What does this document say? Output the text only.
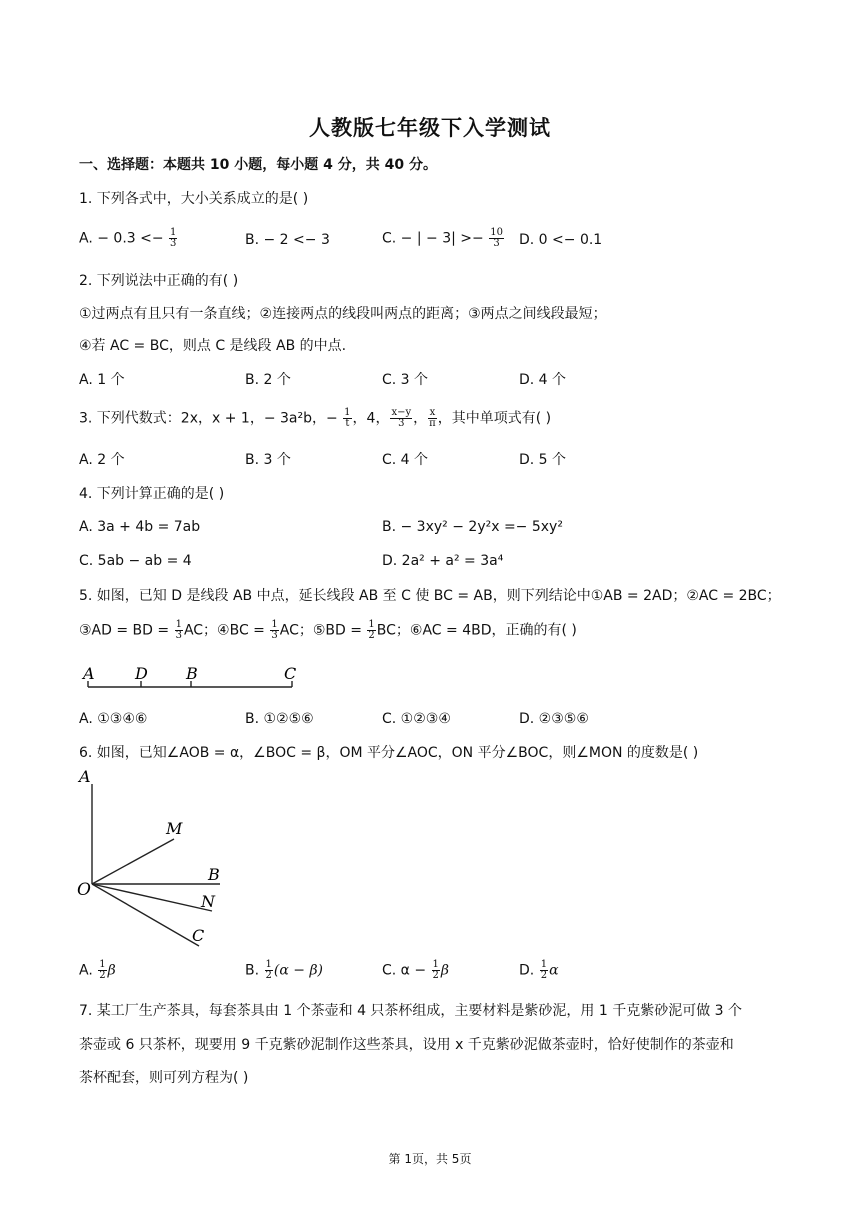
人教版七年级下入学测试
一、选择题：本题共 10 小题，每小题 4 分，共 40 分。
1. 下列各式中，大小关系成立的是( )
A. − $0.3 <- \frac{1}{3}$	B. − 2 <− 3	C. − | − $3| >- \frac{10}{3} D$. 0 <− 0.1
2. 下列说法中正确的有( )
①过两点有且只有一条直线；②连接两点的线段叫两点的距离；③两点之间线段最短；
④若 AC = BC，则点 C 是线段 AB 的中点.
A. 1 个	B. 2 个	C. 3 个	D. 4 个
3. 下列代数式：2x，x + 1，− 3a²b，− $\frac{1}{t}$ ，4， $\frac{x-y}{3}$ ， $\frac{x}{\pi}$ ，其中单项式有( )
A. 2 个	B. 3 个	C. 4 个	D. 5 个
4. 下列计算正确的是( )
A. 3a + 4b = 7ab	B. − 3xy² − 2y²x =− 5xy²
C. 5ab − ab = 4	D. 2a² + a² = 3a⁴
5. 如图，已知 D 是线段 AB 中点，延长线段 AB 至 C 使 BC = AB，则下列结论中①AB = 2AD；②AC = 2BC；
③AD = BD = $\frac{1}{3}$ AC；④BC = $\frac{1}{3}$ AC；⑤BD = $\frac{1}{2}$ BC；⑥AC = 4BD，正确的有( )
A	D B	C
A. ①③④⑥	B. ①②⑤⑥	C. ①②③④	D. ②③⑤⑥
6. 如图，已知∠AOB = α，∠BOC = β，OM 平分∠AOC，ON 平分∠BOC，则∠MON 的度数是( )
A
M
B
O
N
C
A. $\frac{1}{2}$ β	B. $\frac{1}{2} (\alpha - \beta)$	C. $\alpha - \frac{1}{2}$ β	D. $\frac{1}{2}$ α
7. 某工厂生产茶具，每套茶具由 1 个茶壶和 4 只茶杯组成，主要材料是紫砂泥，用 1 千克紫砂泥可做 3 个
茶壶或 6 只茶杯，现要用 9 千克紫砂泥制作这些茶具，设用 x 千克紫砂泥做茶壶时，恰好使制作的茶壶和
茶杯配套，则可列方程为( )
第 1页，共 5页
